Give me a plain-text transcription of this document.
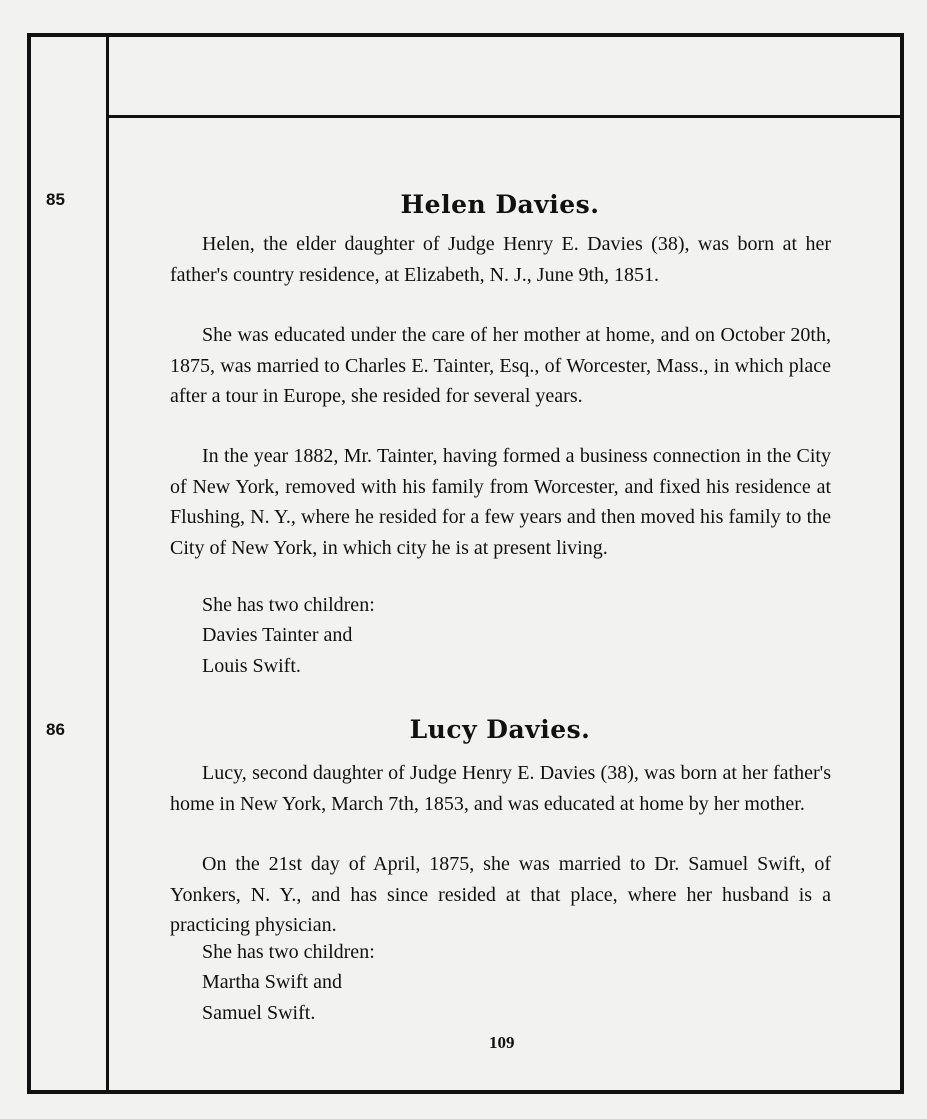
85	Helen Davies.

Helen, the elder daughter of Judge Henry E. Davies (38), was born at her father's country residence, at Elizabeth, N. J., June 9th, 1851.

She was educated under the care of her mother at home, and on October 20th, 1875, was married to Charles E. Tainter, Esq., of Worcester, Mass., in which place after a tour in Europe, she resided for several years.

In the year 1882, Mr. Tainter, having formed a business connection in the City of New York, removed with his family from Worcester, and fixed his residence at Flushing, N. Y., where he resided for a few years and then moved his family to the City of New York, in which city he is at present living.

She has two children:
Davies Tainter and
Louis Swift.
86	Lucy Davies.

Lucy, second daughter of Judge Henry E. Davies (38), was born at her father's home in New York, March 7th, 1853, and was educated at home by her mother.

On the 21st day of April, 1875, she was married to Dr. Samuel Swift, of Yonkers, N. Y., and has since resided at that place, where her husband is a practicing physician.

She has two children:
Martha Swift and
Samuel Swift.
109
